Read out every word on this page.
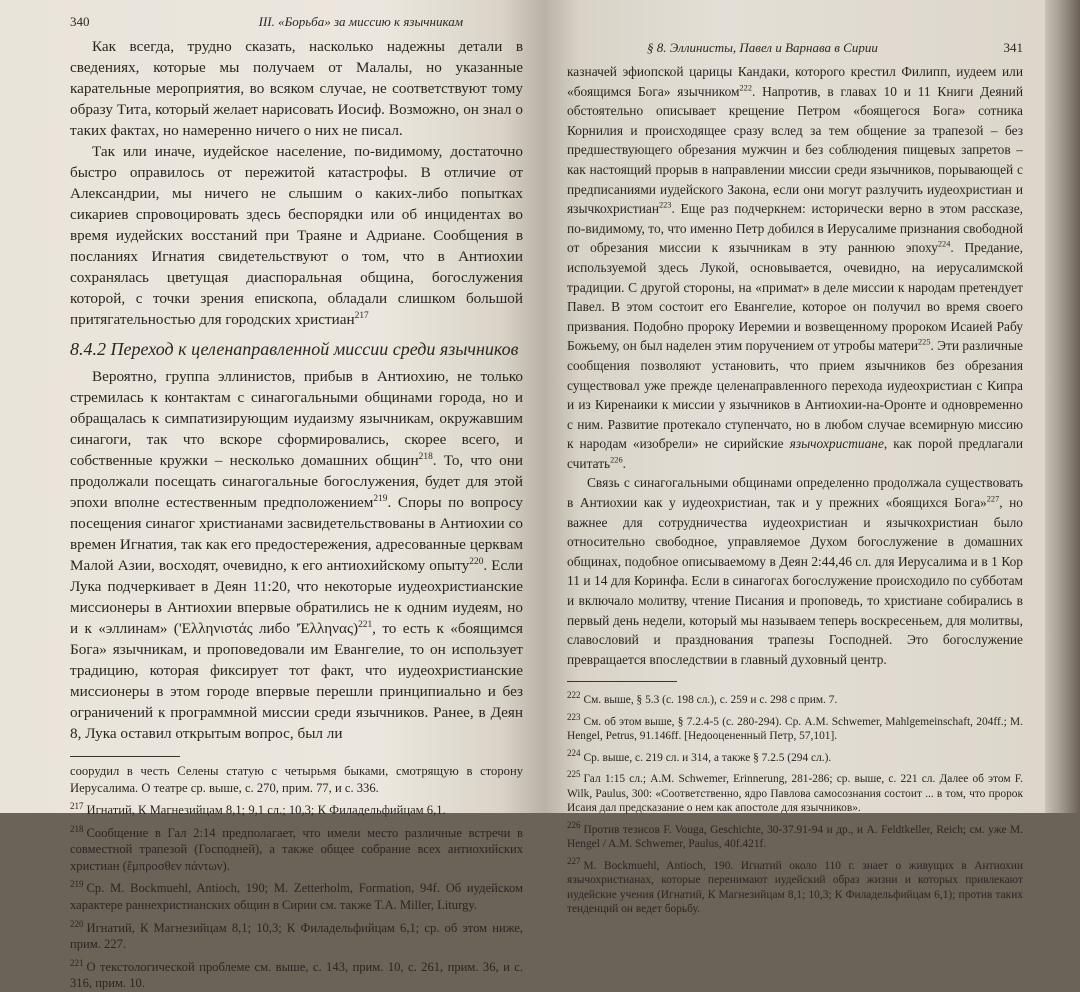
340	III. «Борьба» за миссию к язычникам

Как всегда, трудно сказать, насколько надежны детали в сведениях, которые мы получаем от Малалы, но указанные карательные мероприятия, во всяком случае, не соответствуют тому образу Тита, который желает нарисовать Иосиф. Возможно, он знал о таких фактах, но намеренно ничего о них не писал.

Так или иначе, иудейское население, по-видимому, достаточно быстро оправилось от пережитой катастрофы. В отличие от Александрии, мы ничего не слышим о каких-либо попытках сикариев спровоцировать здесь беспорядки или об инцидентах во время иудейских восстаний при Траяне и Адриане. Сообщения в посланиях Игнатия свидетельствуют о том, что в Антиохии сохранялась цветущая диаспоральная община, богослужения которой, с точки зрения епископа, обладали слишком большой притягательностью для городских христиан$^{217}$

8.4.2 Переход к целенаправленной миссии среди язычников

Вероятно, группа эллинистов, прибыв в Антиохию, не только стремилась к контактам с синагогальными общинами города, но и обращалась к симпатизирующим иудаизму язычникам, окружавшим синагоги, так что вскоре сформировались, скорее всего, и собственные кружки – несколько домашних общин$^{218}$. То, что они продолжали посещать синагогальные богослужения, будет для этой эпохи вполне естественным предположением$^{219}$. Споры по вопросу посещения синагог христианами засвидетельствованы в Антиохии со времен Игнатия, так как его предостережения, адресованные церквам Малой Азии, восходят, очевидно, к его антиохийскому опыту$^{220}$. Если Лука подчеркивает в Деян 11:20, что некоторые иудеохристианские миссионеры в Антиохии впервые обратились не к одним иудеям, но и к «эллинам» ('Ελληνιστάς либо 'Έλληνας)$^{221}$, то есть к «боящимся Бога» язычникам, и проповедовали им Евангелие, то он использует традицию, которая фиксирует тот факт, что иудеохристианские миссионеры в этом городе впервые перешли принципиально и без ограничений к программной миссии среди язычников. Ранее, в Деян 8, Лука оставил открытым вопрос, был ли

соорудил в честь Селены статую с четырьмя быками, смотрящую в сторону Иерусалима. О театре ср. выше, с. 270, прим. 77, и с. 336.

$^{217}$ Игнатий, К Магнезийцам 8,1; 9,1 сл.; 10,3; К Филадельфийцам 6,1.

$^{218}$ Сообщение в Гал 2:14 предполагает, что имели место различные встречи в совместной трапезой (Господней), а также общее собрание всех антиохийских христиан (ἔμπροσθεν πάντων).

$^{219}$ Ср. M. Bockmuehl, Antioch, 190; M. Zetterholm, Formation, 94f. Об иудейском характере раннехристианских общин в Сирии см. также T.A. Miller, Liturgy.

$^{220}$ Игнатий, К Магнезийцам 8,1; 10,3; К Филадельфийцам 6,1; ср. об этом ниже, прим. 227.

$^{221}$ О текстологической проблеме см. выше, с. 143, прим. 10, с. 261, прим. 36, и с. 316, прим. 10.

§ 8. Эллинисты, Павел и Варнава в Сирии	341

казначей эфиопской царицы Кандаки, которого крестил Филипп, иудеем или «боящимся Бога» язычником$^{222}$. Напротив, в главах 10 и 11 Книги Деяний обстоятельно описывает крещение Петром «боящегося Бога» сотника Корнилия и происходящее сразу вслед за тем общение за трапезой – без предшествующего обрезания мужчин и без соблюдения пищевых запретов – как настоящий прорыв в направлении миссии среди язычников, порывающей с предписаниями иудейского Закона, если они могут разлучить иудеохристиан и язычкохристиан$^{223}$. Еще раз подчеркнем: исторически верно в этом рассказе, по-видимому, то, что именно Петр добился в Иерусалиме признания свободной от обрезания миссии к язычникам в эту раннюю эпоху$^{224}$. Предание, используемой здесь Лукой, основывается, очевидно, на иерусалимской традиции. С другой стороны, на «примат» в деле миссии к народам претендует Павел. В этом состоит его Евангелие, которое он получил во время своего призвания. Подобно пророку Иеремии и возвещенному пророком Исаией Рабу Божьему, он был наделен этим поручением от утробы матери$^{225}$. Эти различные сообщения позволяют установить, что прием язычников без обрезания существовал уже прежде целенаправленного перехода иудеохристиан с Кипра и из Киренаики к миссии у язычников в Антиохии-на-Оронте и одновременно с ним. Развитие протекало ступенчато, но в любом случае всемирную миссию к народам «изобрели» не сирийские язычохристиане, как порой предлагали считать$^{226}$.

Связь с синагогальными общинами определенно продолжала существовать в Антиохии как у иудеохристиан, так и у прежних «боящихся Бога»$^{227}$, но важнее для сотрудничества иудеохристиан и язычкохристиан было относительно свободное, управляемое Духом богослужение в домашних общинах, подобное описываемому в Деян 2:44,46 сл. для Иерусалима и в 1 Кор 11 и 14 для Коринфа. Если в синагогах богослужение происходило по субботам и включало молитву, чтение Писания и проповедь, то христиане собирались в первый день недели, который мы называем теперь воскресеньем, для молитвы, славословий и празднования трапезы Господней. Это богослужение превращается впоследствии в главный духовный центр.

$^{222}$ См. выше, § 5.3 (с. 198 сл.), с. 259 и с. 298 с прим. 7.

$^{223}$ См. об этом выше, § 7.2.4-5 (с. 280-294). Ср. A.M. Schwemer, Mahlgemeinschaft, 204ff.; M. Hengel, Petrus, 91.146ff. [Недооцененный Петр, 57,101].

$^{224}$ Ср. выше, с. 219 сл. и 314, а также § 7.2.5 (294 сл.).

$^{225}$ Гал 1:15 сл.; A.M. Schwemer, Erinnerung, 281-286; ср. выше, с. 221 сл. Далее об этом F. Wilk, Paulus, 300: «Соответственно, ядро Павлова самосознания состоит ... в том, что пророк Исаия дал предсказание о нем как апостоле для язычников».

$^{226}$ Против тезисов F. Vouga, Geschichte, 30-37.91-94 и др., и A. Feldtkeller, Reich; см. уже M. Hengel / A.M. Schwemer, Paulus, 40f.421f.

$^{227}$ M. Bockmuehl, Antioch, 190. Игнатий около 110 г. знает о живущих в Антиохии язычохристианах, которые перенимают иудейский образ жизни и которых привлекают иудейские учения (Игнатий, К Магнезийцам 8,1; 10,3; К Филадельфийцам 6,1); против таких тенденций он ведет борьбу.
